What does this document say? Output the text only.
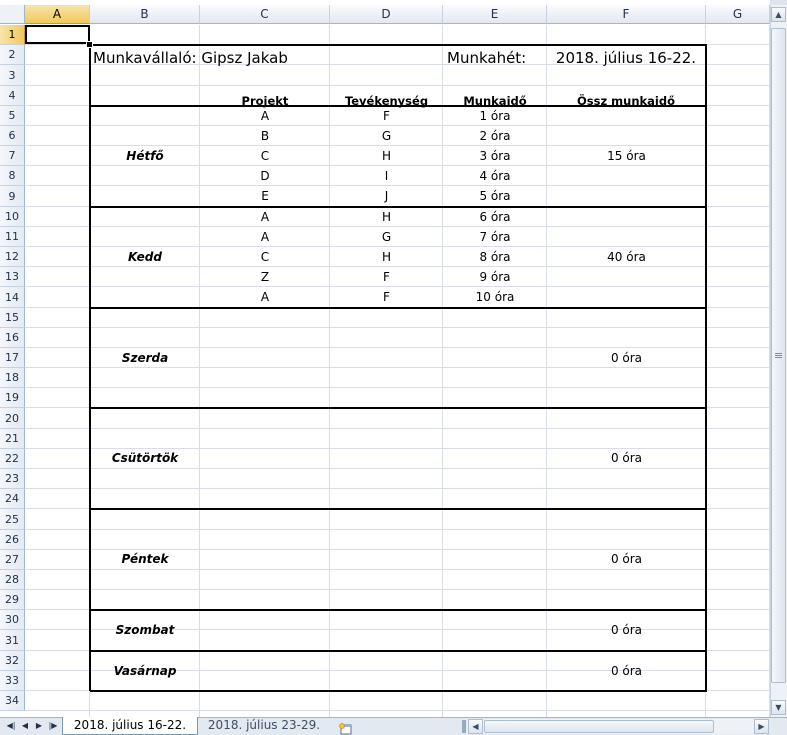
▲
▼
A	B	C	D	E	F	G
1
2
3
4
5
6
7
8
9
10
11
12
13
14
15
16
17
18
19
20
21
22
23
24
25
26
27
28
29
30
31
32
33
34
Munkavállaló: Gipsz Jakab	Munkahét:	2018. július 16-22.
Projekt	Tevékenység	Munkaidő	Össz munkaidő
Hétfő	15 óra
A	F	1 óra
B	G	2 óra
C	H	3 óra
D	I	4 óra
E	J	5 óra
Kedd	40 óra
A	H	6 óra
A	G	7 óra
C	H	8 óra
Z	F	9 óra
A	F	10 óra
Szerda	0 óra
Csütörtök	0 óra
Péntek	0 óra
Szombat	0 óra
Vasárnap	0 óra
◀| ◀ ▶ |▶	2018. július 16-22.	2018. július 23-29.	◀	▶
